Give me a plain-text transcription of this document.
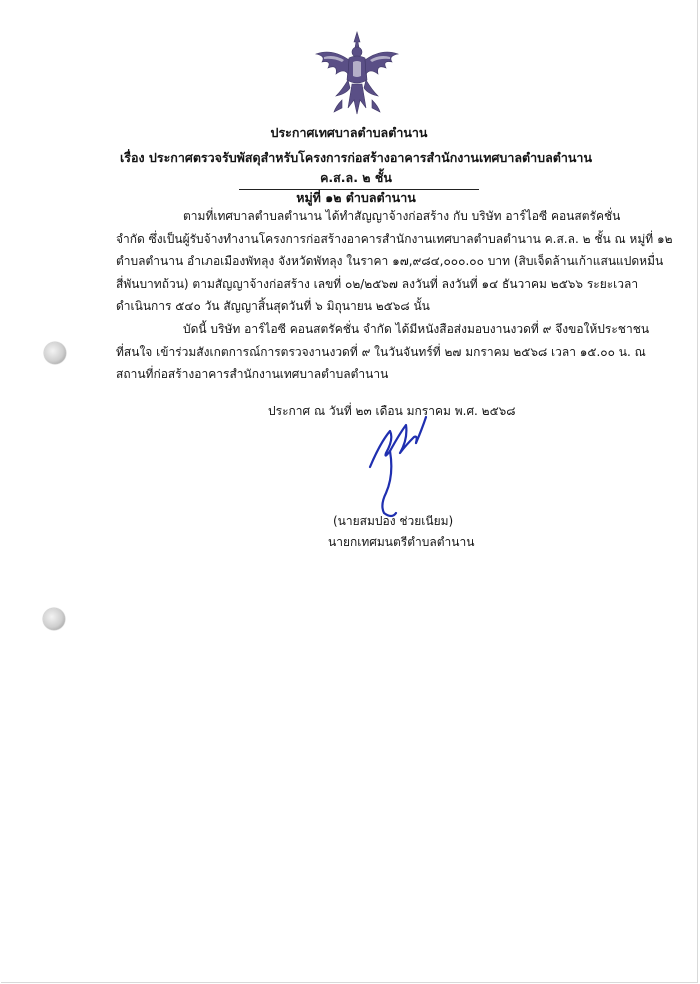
ประกาศเทศบาลตำบลตำนาน
เรื่อง ประกาศตรวจรับพัสดุสำหรับโครงการก่อสร้างอาคารสำนักงานเทศบาลตำบลตำนาน ค.ส.ล. ๒ ชั้น
หมู่ที่ ๑๒ ตำบลตำนาน

ตามที่เทศบาลตำบลตำนาน ได้ทำสัญญาจ้างก่อสร้าง กับ บริษัท อาร์ไอซี คอนสตรัคชั่น

จำกัด ซึ่งเป็นผู้รับจ้างทำงานโครงการก่อสร้างอาคารสำนักงานเทศบาลตำบลตำนาน ค.ส.ล. ๒ ชั้น ณ หมู่ที่ ๑๒

ตำบลตำนาน อำเภอเมืองพัทลุง จังหวัดพัทลุง ในราคา ๑๗,๙๘๔,๐๐๐.๐๐ บาท (สิบเจ็ดล้านเก้าแสนแปดหมื่น

สี่พันบาทถ้วน) ตามสัญญาจ้างก่อสร้าง เลขที่ ๐๒/๒๕๖๗ ลงวันที่ ลงวันที่ ๑๔ ธันวาคม ๒๕๖๖ ระยะเวลา

ดำเนินการ ๕๔๐ วัน สัญญาสิ้นสุดวันที่ ๖ มิถุนายน ๒๕๖๘ นั้น

บัดนี้ บริษัท อาร์ไอซี คอนสตรัคชั่น จำกัด ได้มีหนังสือส่งมอบงานงวดที่ ๙ จึงขอให้ประชาชน

ที่สนใจ เข้าร่วมสังเกตการณ์การตรวจงานงวดที่ ๙ ในวันจันทร์ที่ ๒๗ มกราคม ๒๕๖๘ เวลา ๑๕.๐๐ น. ณ

สถานที่ก่อสร้างอาคารสำนักงานเทศบาลตำบลตำนาน

ประกาศ ณ วันที่ ๒๓ เดือน มกราคม พ.ศ. ๒๕๖๘
(นายสมปอง ช่วยเนียม)
นายกเทศมนตรีตำบลตำนาน
